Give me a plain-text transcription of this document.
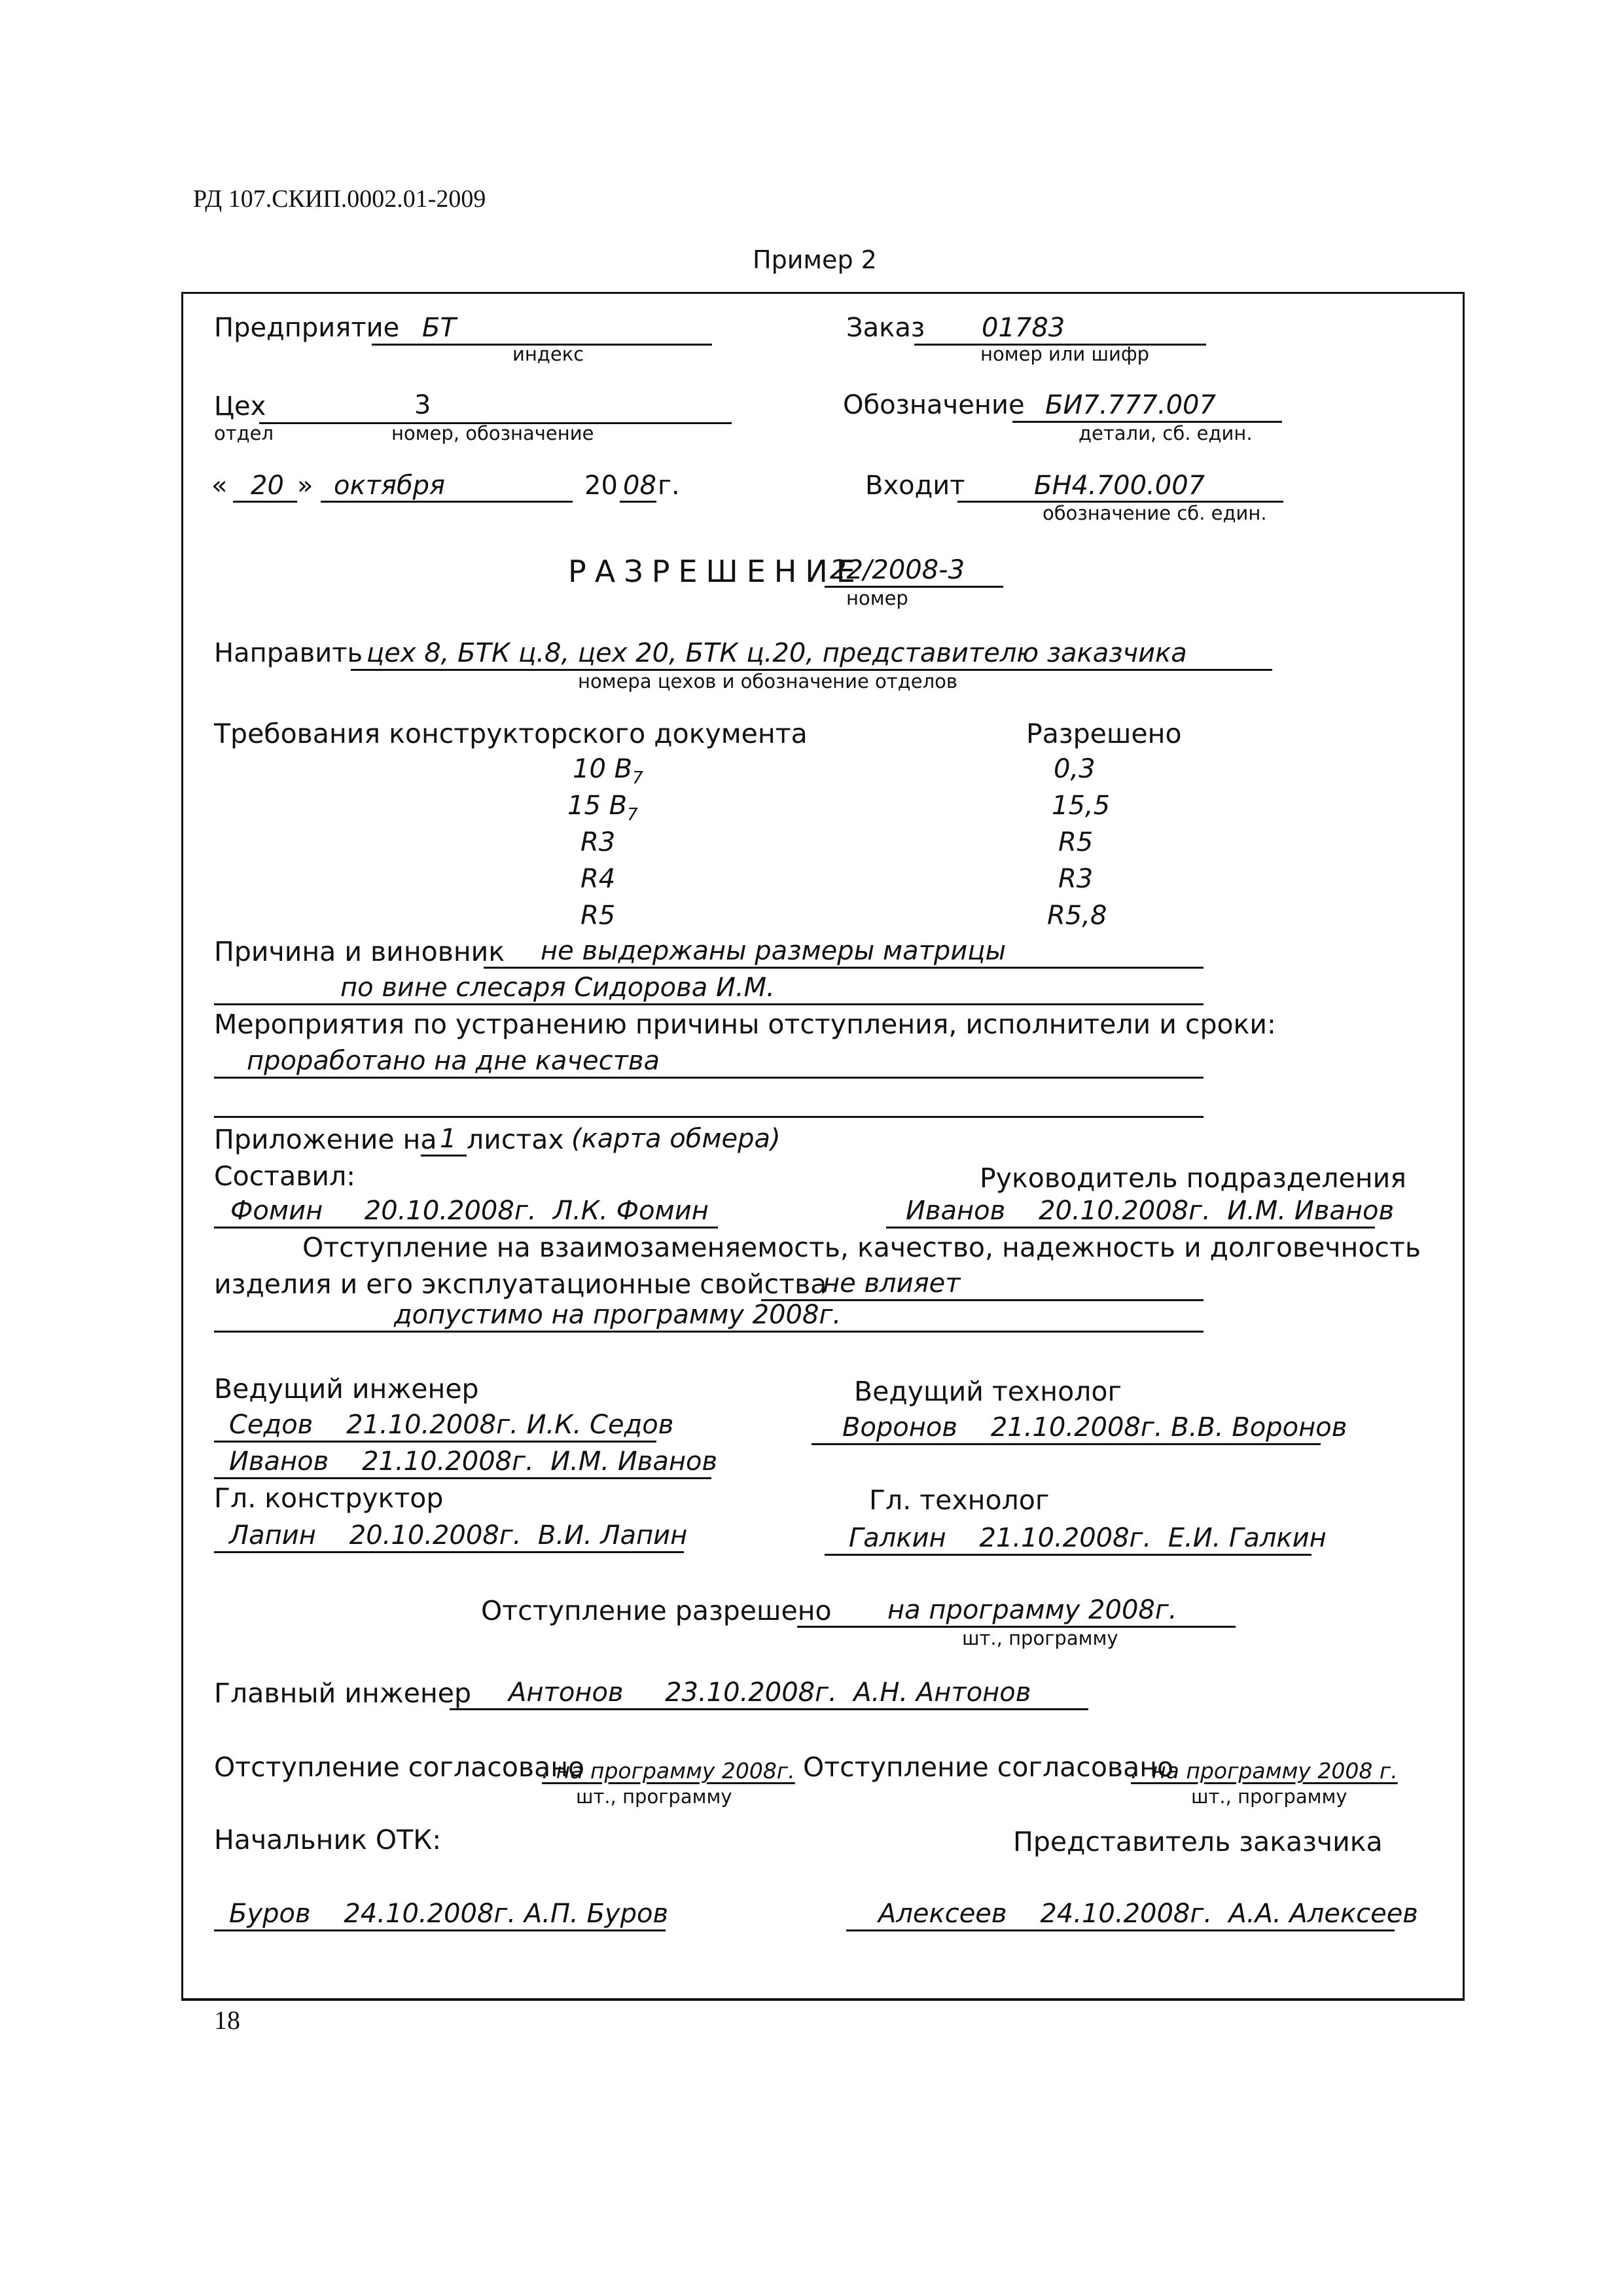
РД 107.СКИП.0002.01-2009
Пример 2
Предприятие БТ
индекс
Заказ 01783
номер или шифр
Цех	3
отдел	номер, обозначение
Обозначение БИ7.777.007
детали, сб. един.
« 20 » октября	20 08 г.	Входит	БН4.700.007
обозначение сб. един.
РАЗРЕШЕНИЕ
22/2008-3
номер
Направить цех 8, БТК ц.8, цех 20, БТК ц.20, представителю заказчика
номера цехов и обозначение отделов
Требования конструкторского документа	Разрешено
10 $В_7$	0,3
15 $В_7$	15,5
R3	R5
R4	R3
R5	R5,8
Причина и виновник не выдержаны размеры матрицы
по вине слесаря Сидорова И.М.
Мероприятия по устранению причины отступления, исполнители и сроки:
проработано на дне качества
Приложение на 1 листах (карта обмера)
Составил:	Руководитель подразделения
Фомин     20.10.2008г.  Л.К. Фомин	Иванов    20.10.2008г.  И.М. Иванов
Отступление на взаимозаменяемость, качество, надежность и долговечность
изделия и его эксплуатационные свойства
не влияет
допустимо на программу 2008г.
Ведущий инженер	Ведущий технолог
Седов    21.10.2008г. И.К. Седов	Воронов    21.10.2008г. В.В. Воронов
Иванов    21.10.2008г.  И.М. Иванов
Гл. конструктор	Гл. технолог
Лапин    20.10.2008г.  В.И. Лапин	Галкин    21.10.2008г.  Е.И. Галкин
Отступление разрешено на программу 2008г.
шт., программу
Главный инженер Антонов     23.10.2008г.  А.Н. Антонов
Отступление согласовано
: на программу 2008г.
шт., программу
Отступление согласовано
:  на программу 2008 г.
шт., программу
Начальник ОТК:	Представитель заказчика
Буров    24.10.2008г. А.П. Буров	Алексеев    24.10.2008г.  А.А. Алексеев
18
